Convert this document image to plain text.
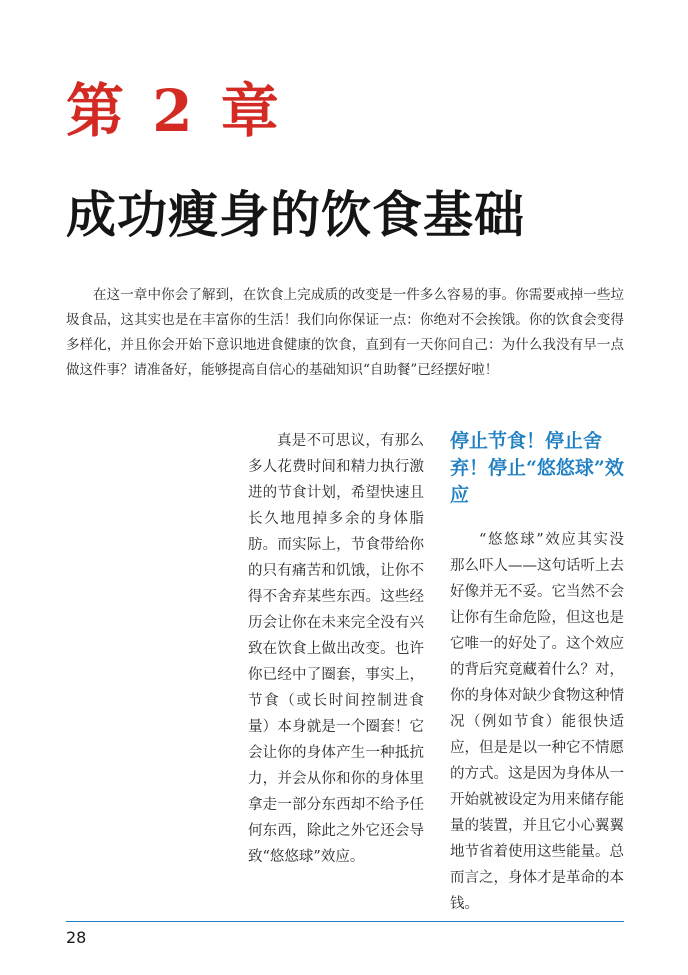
第 2 章
成功瘦身的饮食基础

在这一章中你会了解到，在饮食上完成质的改变是一件多么容易的事。你需要戒掉一些垃圾食品，这其实也是在丰富你的生活！我们向你保证一点：你绝对不会挨饿。你的饮食会变得多样化，并且你会开始下意识地进食健康的饮食，直到有一天你问自己：为什么我没有早一点做这件事？请准备好，能够提高自信心的基础知识“自助餐”已经摆好啦！

真是不可思议，有那么多人花费时间和精力执行激进的节食计划，希望快速且长久地甩掉多余的身体脂肪。而实际上，节食带给你的只有痛苦和饥饿，让你不得不舍弃某些东西。这些经历会让你在未来完全没有兴致在饮食上做出改变。也许你已经中了圈套，事实上，节食（或长时间控制进食量）本身就是一个圈套！它会让你的身体产生一种抵抗力，并会从你和你的身体里拿走一部分东西却不给予任何东西，除此之外它还会导致“悠悠球”效应。

停止节食！停止舍弃！停止“悠悠球”效应

“悠悠球”效应其实没那么吓人——这句话听上去好像并无不妥。它当然不会让你有生命危险，但这也是它唯一的好处了。这个效应的背后究竟藏着什么？对，你的身体对缺少食物这种情况（例如节食）能很快适应，但是是以一种它不情愿的方式。这是因为身体从一开始就被设定为用来储存能量的装置，并且它小心翼翼地节省着使用这些能量。总而言之，身体才是革命的本钱。

28
